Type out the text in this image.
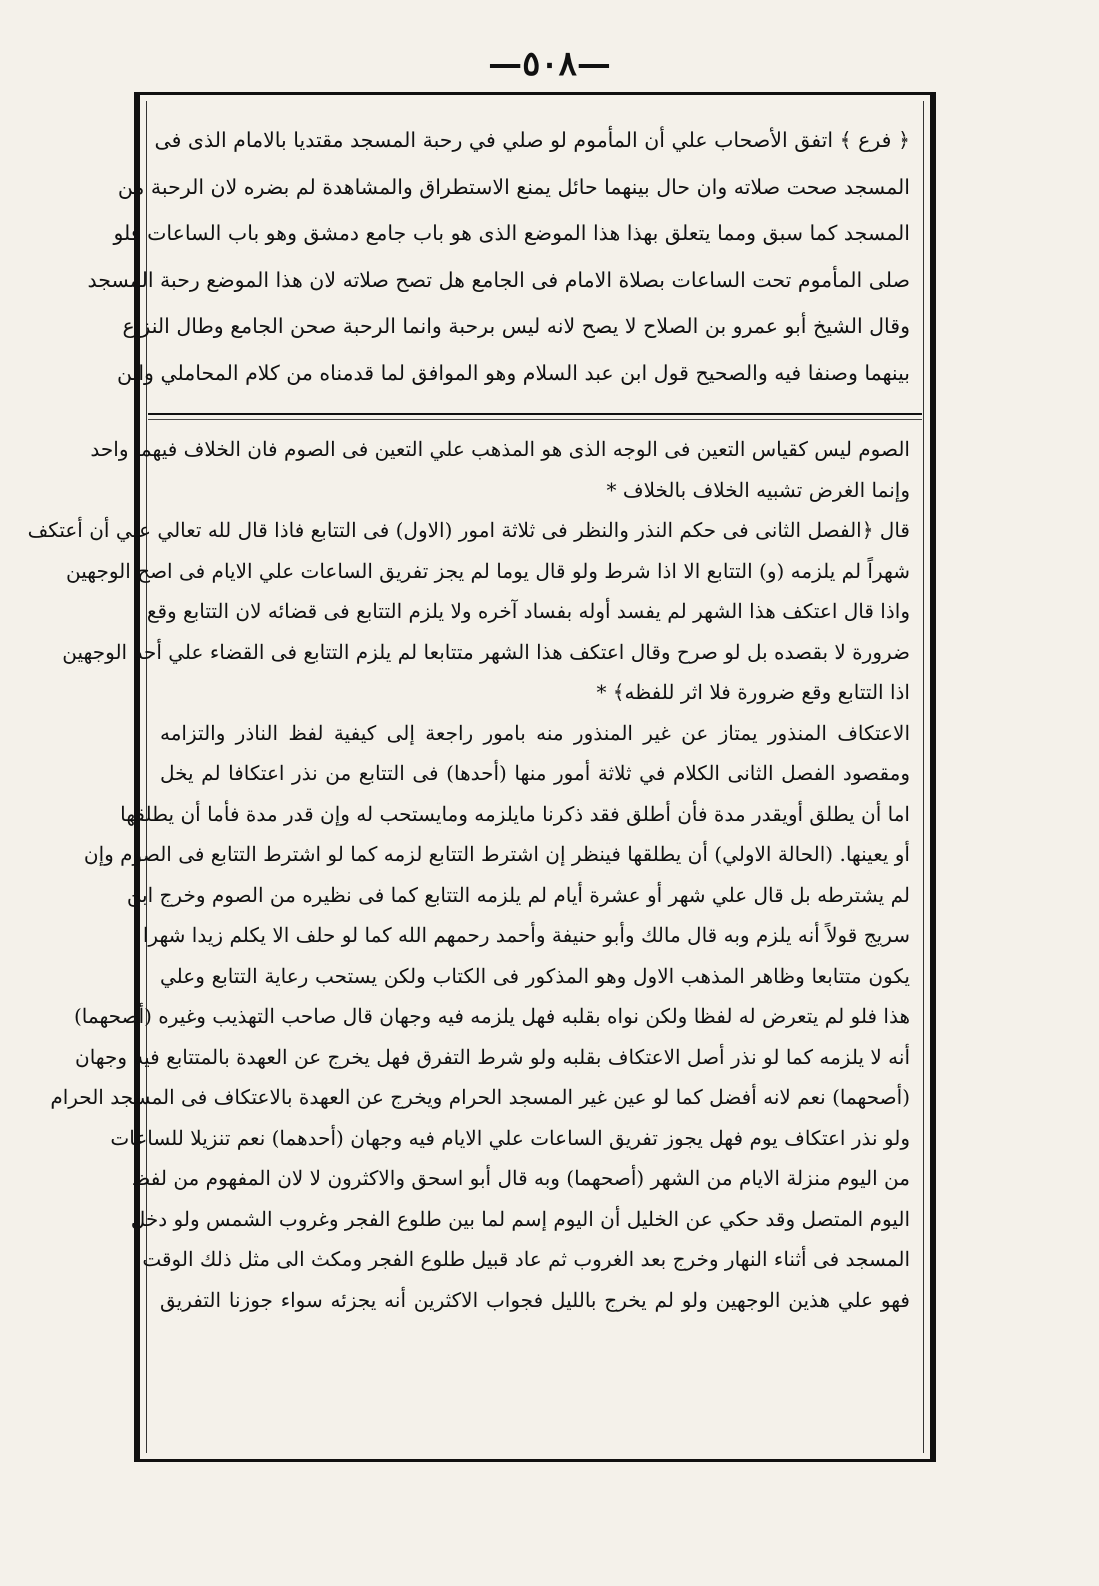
—٥٠٨—
﴿ فرع ﴾ اتفق الأصحاب علي أن المأموم لو صلي في رحبة المسجد مقتديا بالامام الذى فى
المسجد صحت صلاته وان حال بينهما حائل يمنع الاستطراق والمشاهدة لم بضره لان الرحبة من
المسجد كما سبق ومما يتعلق بهذا هذا الموضع الذى هو باب جامع دمشق وهو باب الساعات فلو
صلى المأموم تحت الساعات بصلاة الامام فى الجامع هل تصح صلاته لان هذا الموضع رحبة المسجد
وقال الشيخ أبو عمرو بن الصلاح لا يصح لانه ليس برحبة وانما الرحبة صحن الجامع وطال النزاع
بينهما وصنفا فيه والصحيح قول ابن عبد السلام وهو الموافق لما قدمناه من كلام المحاملي وابن
الصوم ليس كقياس التعين فى الوجه الذى هو المذهب علي التعين فى الصوم فان الخلاف فيهما واحد
وإنما الغرض تشبيه الخلاف بالخلاف *
قال ﴿الفصل الثانى فى حكم النذر والنظر فى ثلاثة امور (الاول) فى التتابع فاذا قال لله تعالي علي أن أعتكف
شهراً لم يلزمه (و) التتابع الا اذا شرط ولو قال يوما لم يجز تفريق الساعات علي الايام فى اصح الوجهين
واذا قال اعتكف هذا الشهر لم يفسد أوله بفساد آخره ولا يلزم التتابع فى قضائه لان التتابع وقع
ضرورة لا بقصده بل لو صرح وقال اعتكف هذا الشهر متتابعا لم يلزم التتابع فى القضاء علي أحد الوجهين
اذا التتابع وقع ضرورة فلا اثر للفظه﴾ *
الاعتكاف المنذور يمتاز عن غير المنذور منه بامور راجعة إلى كيفية لفظ الناذر والتزامه
ومقصود الفصل الثانى الكلام في ثلاثة أمور منها (أحدها) فى التتابع من نذر اعتكافا لم يخل
اما أن يطلق أويقدر مدة فأن أطلق فقد ذكرنا مايلزمه ومايستحب له وإن قدر مدة فأما أن يطلقها
أو يعينها. (الحالة الاولي) أن يطلقها فينظر إن اشترط التتابع لزمه كما لو اشترط التتابع فى الصوم وإن
لم يشترطه بل قال علي شهر أو عشرة أيام لم يلزمه التتابع كما فى نظيره من الصوم وخرج ابن
سريج قولاً أنه يلزم وبه قال مالك وأبو حنيفة وأحمد رحمهم الله كما لو حلف الا يكلم زيدا شهرا
يكون متتابعا وظاهر المذهب الاول وهو المذكور فى الكتاب ولكن يستحب رعاية التتابع وعلي
هذا فلو لم يتعرض له لفظا ولكن نواه بقلبه فهل يلزمه فيه وجهان قال صاحب التهذيب وغيره (أصحهما)
أنه لا يلزمه كما لو نذر أصل الاعتكاف بقلبه ولو شرط التفرق فهل يخرج عن العهدة بالمتتابع فيه وجهان
(أصحهما) نعم لانه أفضل كما لو عين غير المسجد الحرام ويخرج عن العهدة بالاعتكاف فى المسجد الحرام
ولو نذر اعتكاف يوم فهل يجوز تفريق الساعات علي الايام فيه وجهان (أحدهما) نعم تنزيلا للساعات
من اليوم منزلة الايام من الشهر (أصحهما) وبه قال أبو اسحق والاكثرون لا لان المفهوم من لفظ
اليوم المتصل وقد حكي عن الخليل أن اليوم إسم لما بين طلوع الفجر وغروب الشمس ولو دخل
المسجد فى أثناء النهار وخرج بعد الغروب ثم عاد قبيل طلوع الفجر ومكث الى مثل ذلك الوقت
فهو علي هذين الوجهين ولو لم يخرج بالليل فجواب الاكثرين أنه يجزئه سواء جوزنا التفريق
